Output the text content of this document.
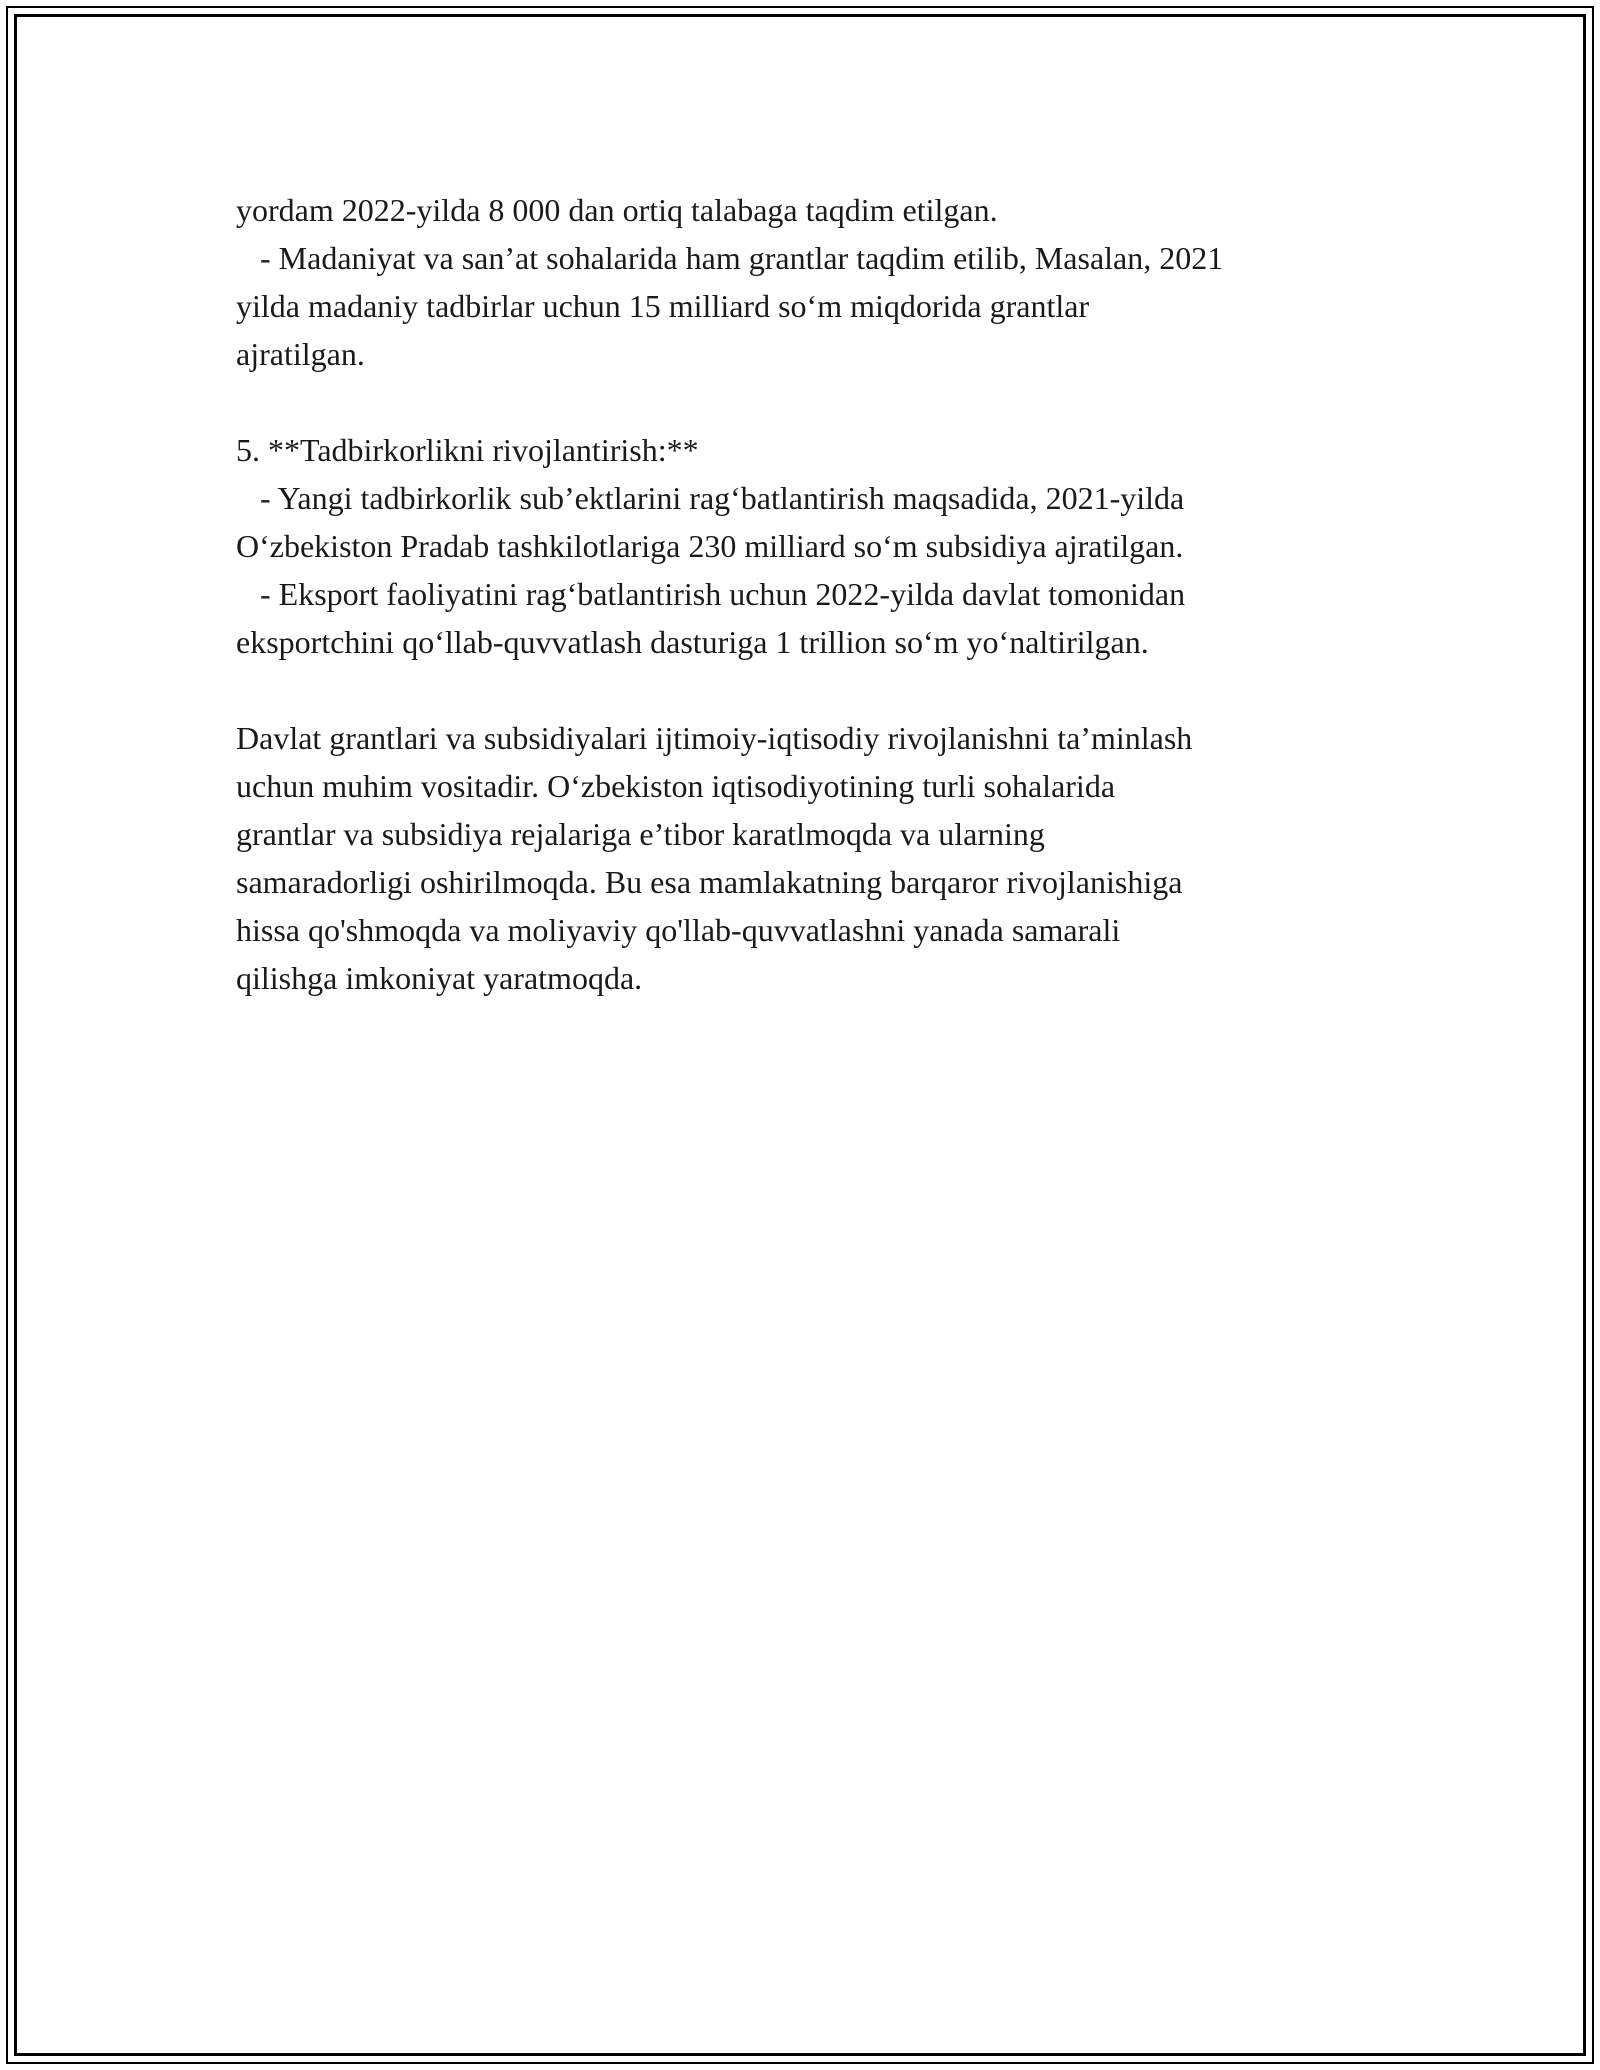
yordam 2022-yilda 8 000 dan ortiq talabaga taqdim etilgan.
- Madaniyat va san’at sohalarida ham grantlar taqdim etilib, Masalan, 2021
yilda madaniy tadbirlar uchun 15 milliard so‘m miqdorida grantlar
ajratilgan.
5. **Tadbirkorlikni rivojlantirish:**
- Yangi tadbirkorlik sub’ektlarini rag‘batlantirish maqsadida, 2021-yilda
O‘zbekiston Pradab tashkilotlariga 230 milliard so‘m subsidiya ajratilgan.
- Eksport faoliyatini rag‘batlantirish uchun 2022-yilda davlat tomonidan
eksportchini qo‘llab-quvvatlash dasturiga 1 trillion so‘m yo‘naltirilgan.
Davlat grantlari va subsidiyalari ijtimoiy-iqtisodiy rivojlanishni ta’minlash
uchun muhim vositadir. O‘zbekiston iqtisodiyotining turli sohalarida
grantlar va subsidiya rejalariga e’tibor karatlmoqda va ularning
samaradorligi oshirilmoqda. Bu esa mamlakatning barqaror rivojlanishiga
hissa qo'shmoqda va moliyaviy qo'llab-quvvatlashni yanada samarali
qilishga imkoniyat yaratmoqda.
